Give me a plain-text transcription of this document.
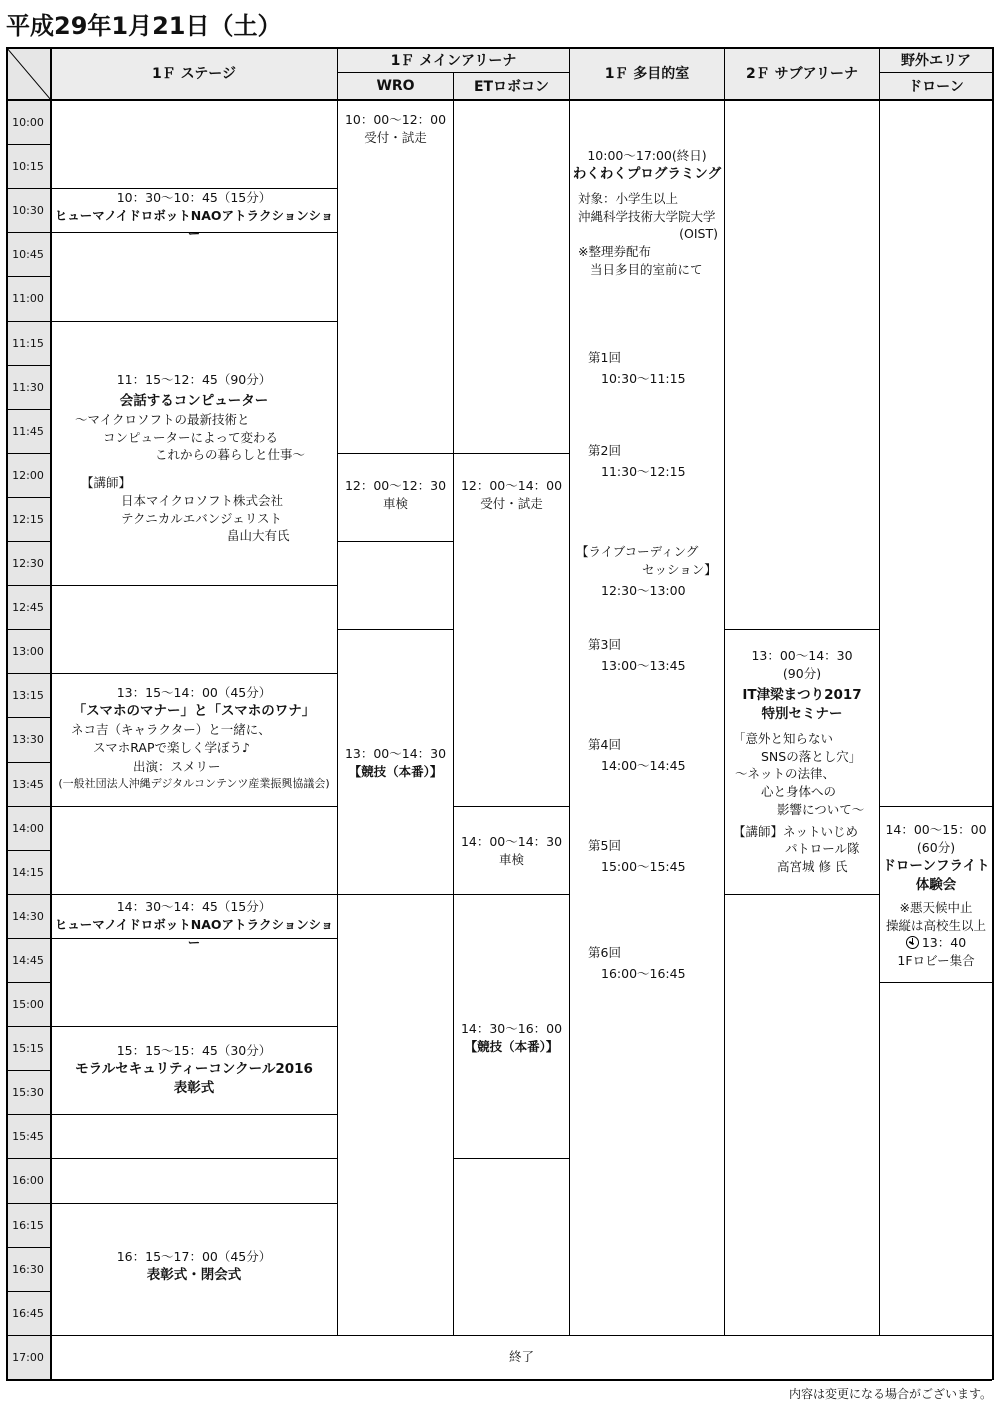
平成29年1月21日（土）
1Ｆ ステージ
1Ｆ メインアリーナ
WRO	ETロボコン
1Ｆ 多目的室	2Ｆ サブアリーナ
野外エリア
ドローン
10:00
10:15
10:30
10:45
11:00
11:15
11:30
11:45
12:00
12:15
12:30
12:45
13:00
13:15
13:30
13:45
14:00
14:15
14:30
14:45
15:00
15:15
15:30
15:45
16:00
16:15
16:30
16:45
17:00
10：30～10：45（15分）
ヒューマノイドロボットNAOアトラクションショー
11：15～12：45（90分）
会話するコンピューター
～マイクロソフトの最新技術と
コンピューターによって変わる
これからの暮らしと仕事～
【講師】
日本マイクロソフト株式会社
テクニカルエバンジェリスト
畠山大有氏
13：15～14：00（45分）
「スマホのマナー」と「スマホのワナ」
ネコ吉（キャラクター）と一緒に、
スマホRAPで楽しく学ぼう♪
出演：スメリー
(一般社団法人沖縄デジタルコンテンツ産業振興協議会)
14：30～14：45（15分）
ヒューマノイドロボットNAOアトラクションショー
15：15～15：45（30分）
モラルセキュリティーコンクール2016
表彰式
16：15～17：00（45分）
表彰式・閉会式
10：00～12：00
受付・試走
12：00～12：30
車検
13：00～14：30
【競技（本番）】
12：00～14：00
受付・試走
14：00～14：30
車検
14：30～16：00
【競技（本番）】
10:00～17:00(終日)
わくわくプログラミング
対象：小学生以上
沖縄科学技術大学院大学
(OIST)
※整理券配布
当日多目的室前にて
第1回
10:30～11:15
第2回
11:30～12:15
【ライブコーディング
セッション】
12:30～13:00
第3回
13:00～13:45
第4回
14:00～14:45
第5回
15:00～15:45
第6回
16:00～16:45
13：00～14：30
(90分)
IT津梁まつり2017
特別セミナー
「意外と知らない
SNSの落とし穴」
～ネットの法律、
心と身体への
影響について～
【講師】ネットいじめ
パトロール隊
高宮城 修 氏
14：00～15：00
(60分)
ドローンフライト
体験会
※悪天候中止
操縦は高校生以上
13：40
1Fロビー集合
終了
内容は変更になる場合がございます。
